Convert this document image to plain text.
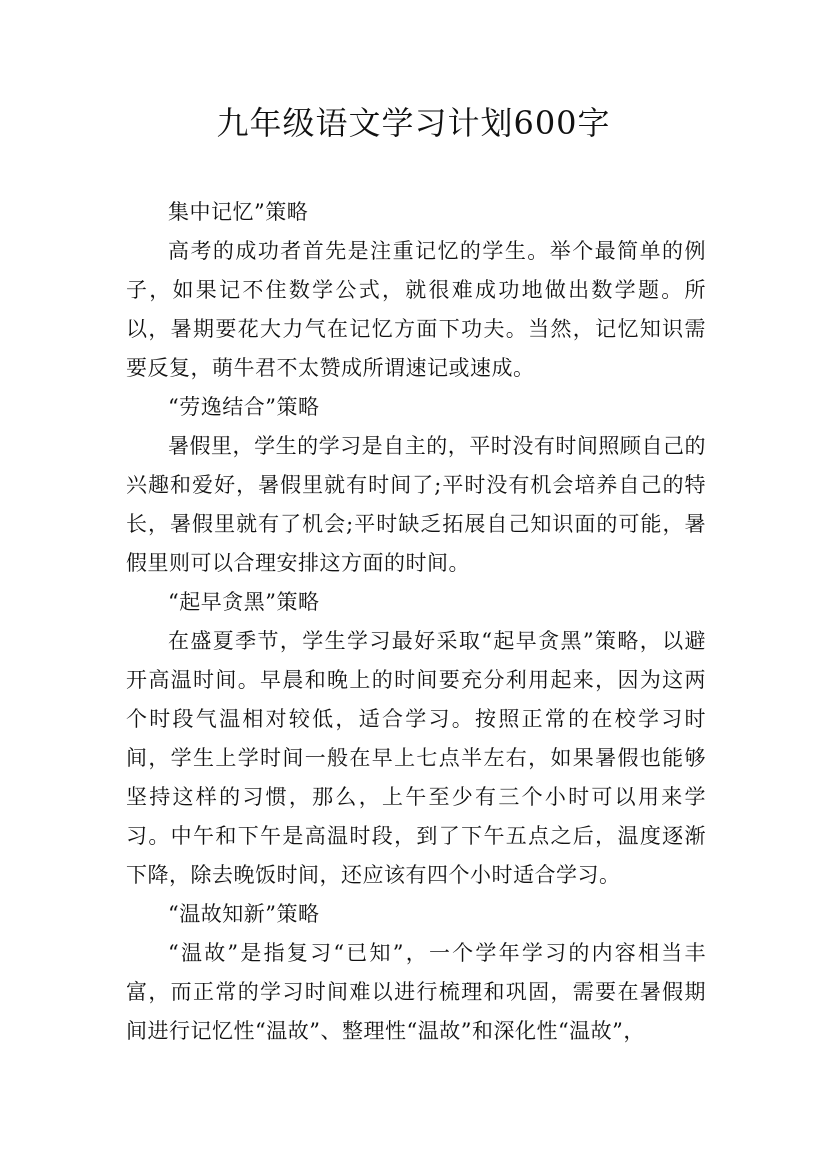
九年级语文学习计划600字
集中记忆”策略

高考的成功者首先是注重记忆的学生。举个最简单的例子，如果记不住数学公式，就很难成功地做出数学题。所以，暑期要花大力气在记忆方面下功夫。当然，记忆知识需要反复，萌牛君不太赞成所谓速记或速成。

“劳逸结合”策略

暑假里，学生的学习是自主的，平时没有时间照顾自己的兴趣和爱好，暑假里就有时间了;平时没有机会培养自己的特长，暑假里就有了机会;平时缺乏拓展自己知识面的可能，暑假里则可以合理安排这方面的时间。

“起早贪黑”策略

在盛夏季节，学生学习最好采取“起早贪黑”策略，以避开高温时间。早晨和晚上的时间要充分利用起来，因为这两个时段气温相对较低，适合学习。按照正常的在校学习时间，学生上学时间一般在早上七点半左右，如果暑假也能够坚持这样的习惯，那么，上午至少有三个小时可以用来学习。中午和下午是高温时段，到了下午五点之后，温度逐渐下降，除去晚饭时间，还应该有四个小时适合学习。

“温故知新”策略

“温故”是指复习“已知”，一个学年学习的内容相当丰富，而正常的学习时间难以进行梳理和巩固，需要在暑假期间进行记忆性“温故”、整理性“温故”和深化性“温故”，
